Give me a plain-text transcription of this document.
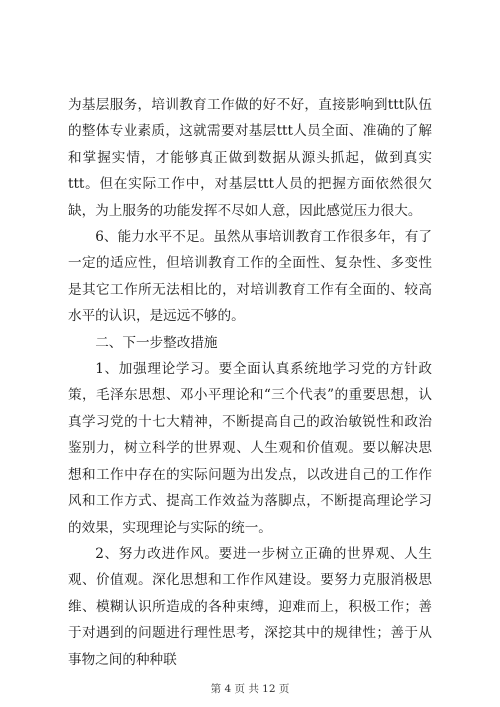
为基层服务，培训教育工作做的好不好，直接影响到ttt队伍的整体专业素质，这就需要对基层ttt人员全面、准确的了解和掌握实情，才能够真正做到数据从源头抓起，做到真实ttt。但在实际工作中，对基层ttt人员的把握方面依然很欠缺，为上服务的功能发挥不尽如人意，因此感觉压力很大。

6、能力水平不足。虽然从事培训教育工作很多年，有了一定的适应性，但培训教育工作的全面性、复杂性、多变性是其它工作所无法相比的，对培训教育工作有全面的、较高水平的认识，是远远不够的。

二、下一步整改措施

1、加强理论学习。要全面认真系统地学习党的方针政策，毛泽东思想、邓小平理论和“三个代表”的重要思想，认真学习党的十七大精神，不断提高自己的政治敏锐性和政治鉴别力，树立科学的世界观、人生观和价值观。要以解决思想和工作中存在的实际问题为出发点，以改进自己的工作作风和工作方式、提高工作效益为落脚点，不断提高理论学习的效果，实现理论与实际的统一。

2、努力改进作风。要进一步树立正确的世界观、人生观、价值观。深化思想和工作作风建设。要努力克服消极思维、模糊认识所造成的各种束缚，迎难而上，积极工作；善于对遇到的问题进行理性思考，深挖其中的规律性；善于从事物之间的种种联

第 4 页 共 12 页
